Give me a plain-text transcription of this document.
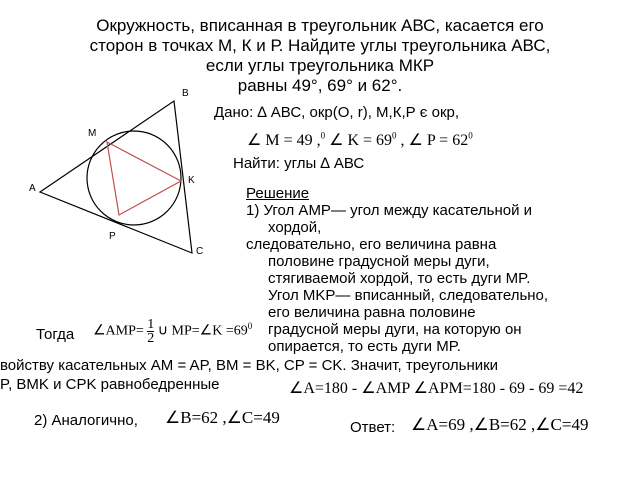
Окружность, вписанная в треугольник АВС, касается его
сторон в точках М, К и Р. Найдите углы треугольника АВС,
если углы треугольника МКР
равны 49°, 69° и 62°.
B
M
K
A
P
C
Дано: ∆ АВС, окр(О, r), М,К,Р є окр,
∠ M = 49 ,$^0$ ∠ $K = 69^0$ , ∠ $P = 62^0$
Найти: углы ∆ АВС
Решение
1) Угол AMP— угол между касательной и
хордой,
следовательно, его величина равна
половине градусной меры дуги,
стягиваемой хордой, то есть дуги MP.
Угол MKP— вписанный, следовательно,
его величина равна половине
градусной меры дуги, на которую он
опирается, то есть дуги MP.
Тогда ∠AMP= $\frac{1}{2}$ ∪ MP=∠K $=69^0$
войству касательных AM = AP, BM = BK, CP = CK. Значит, треугольники
P, BMK и CPK равнобедренные	∠A=180 - ∠AMP ∠APM=180 - 69 - 69 =42
2) Аналогично, ∠B=62 ,∠C=49
Ответ: ∠A=69 ,∠B=62 ,∠C=49
